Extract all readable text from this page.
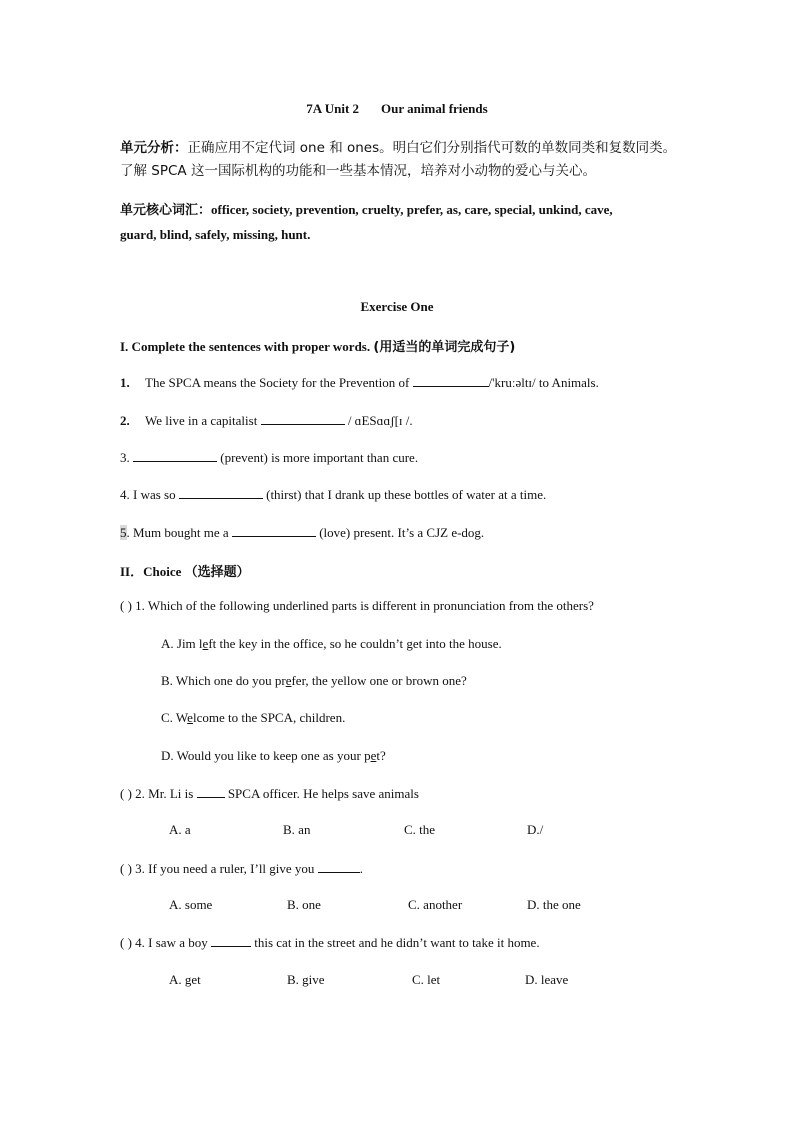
7A Unit 2 Our animal friends
单元分析：正确应用不定代词 one 和 ones。明白它们分别指代可数的单数同类和复数同类。
了解 SPCA 这一国际机构的功能和一些基本情况，培养对小动物的爱心与关心。
单元核心词汇：officer, society, prevention, cruelty, prefer, as, care, special, unkind, cave,
guard, blind, safely, missing, hunt.
Exercise One
I. Complete the sentences with proper words. (用适当的单词完成句子)
1. The SPCA means the Society for the Prevention of	/'kruːəltɪ/ to Animals.
2. We live in a capitalist	/ ɑESɑɑʃ[ɪ /.
3.	(prevent) is more important than cure.
4. I was so	(thirst) that I drank up these bottles of water at a time.
5. Mum bought me a	(love) present. It’s a CJZ e-dog.
II．Choice （选择题）
( ) 1. Which of the following underlined parts is different in pronunciation from the others?
A. Jim left the key in the office, so he couldn’t get into the house.
B. Which one do you prefer, the yellow one or brown one?
C. Welcome to the SPCA, children.
D. Would you like to keep one as your pet?
( ) 2. Mr. Li is	SPCA officer. He helps save animals
A. a	B. an	C. the	D./
( ) 3. If you need a ruler, I’ll give you	.
A. some	B. one	C. another	D. the one
( ) 4. I saw a boy	this cat in the street and he didn’t want to take it home.
A. get	B. give	C. let	D. leave
